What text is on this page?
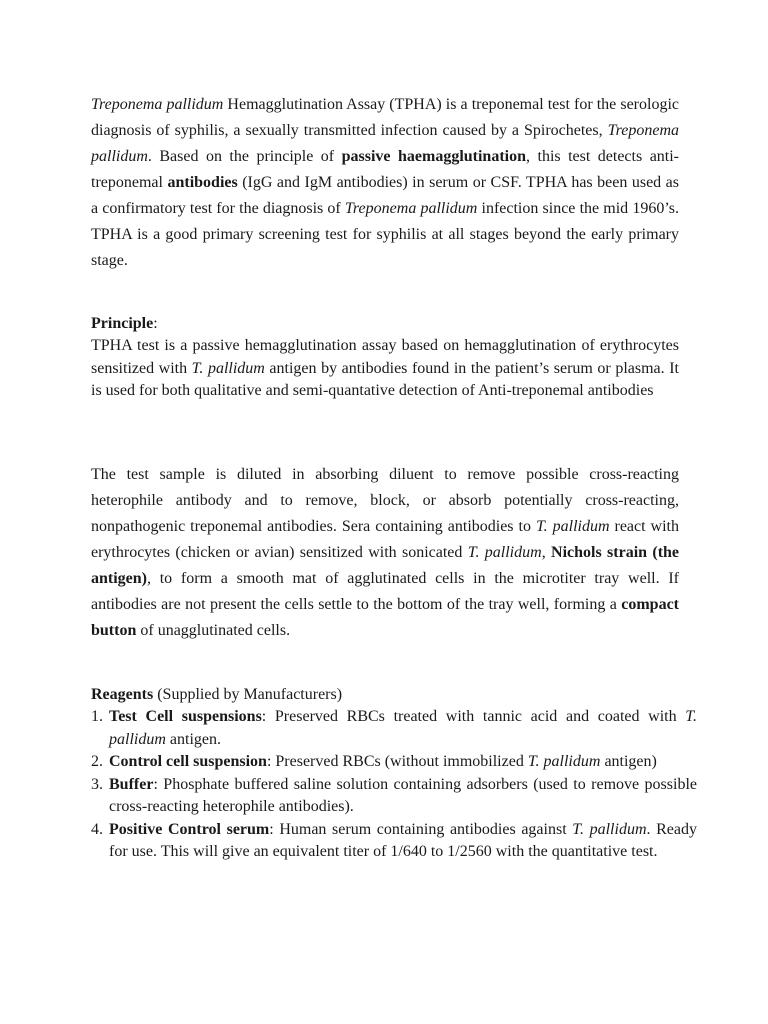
Treponema pallidum Hemagglutination Assay (TPHA) is a treponemal test for the serologic diagnosis of syphilis, a sexually transmitted infection caused by a Spirochetes, Treponema pallidum. Based on the principle of passive haemagglutination, this test detects anti-treponemal antibodies (IgG and IgM antibodies) in serum or CSF. TPHA has been used as a confirmatory test for the diagnosis of Treponema pallidum infection since the mid 1960’s. TPHA is a good primary screening test for syphilis at all stages beyond the early primary stage.

Principle:

TPHA test is a passive hemagglutination assay based on hemagglutination of erythrocytes sensitized with T. pallidum antigen by antibodies found in the patient’s serum or plasma. It is used for both qualitative and semi-quantative detection of Anti-treponemal antibodies

The test sample is diluted in absorbing diluent to remove possible cross-reacting heterophile antibody and to remove, block, or absorb potentially cross-reacting, nonpathogenic treponemal antibodies. Sera containing antibodies to T. pallidum react with erythrocytes (chicken or avian) sensitized with sonicated T. pallidum, Nichols strain (the antigen), to form a smooth mat of agglutinated cells in the microtiter tray well. If antibodies are not present the cells settle to the bottom of the tray well, forming a compact button of unagglutinated cells.

Reagents (Supplied by Manufacturers)

1. Test Cell suspensions: Preserved RBCs treated with tannic acid and coated with T. pallidum antigen.
2. Control cell suspension: Preserved RBCs (without immobilized T. pallidum antigen)
3. Buffer: Phosphate buffered saline solution containing adsorbers (used to remove possible cross-reacting heterophile antibodies).
4. Positive Control serum: Human serum containing antibodies against T. pallidum. Ready for use. This will give an equivalent titer of 1/640 to 1/2560 with the quantitative test.
